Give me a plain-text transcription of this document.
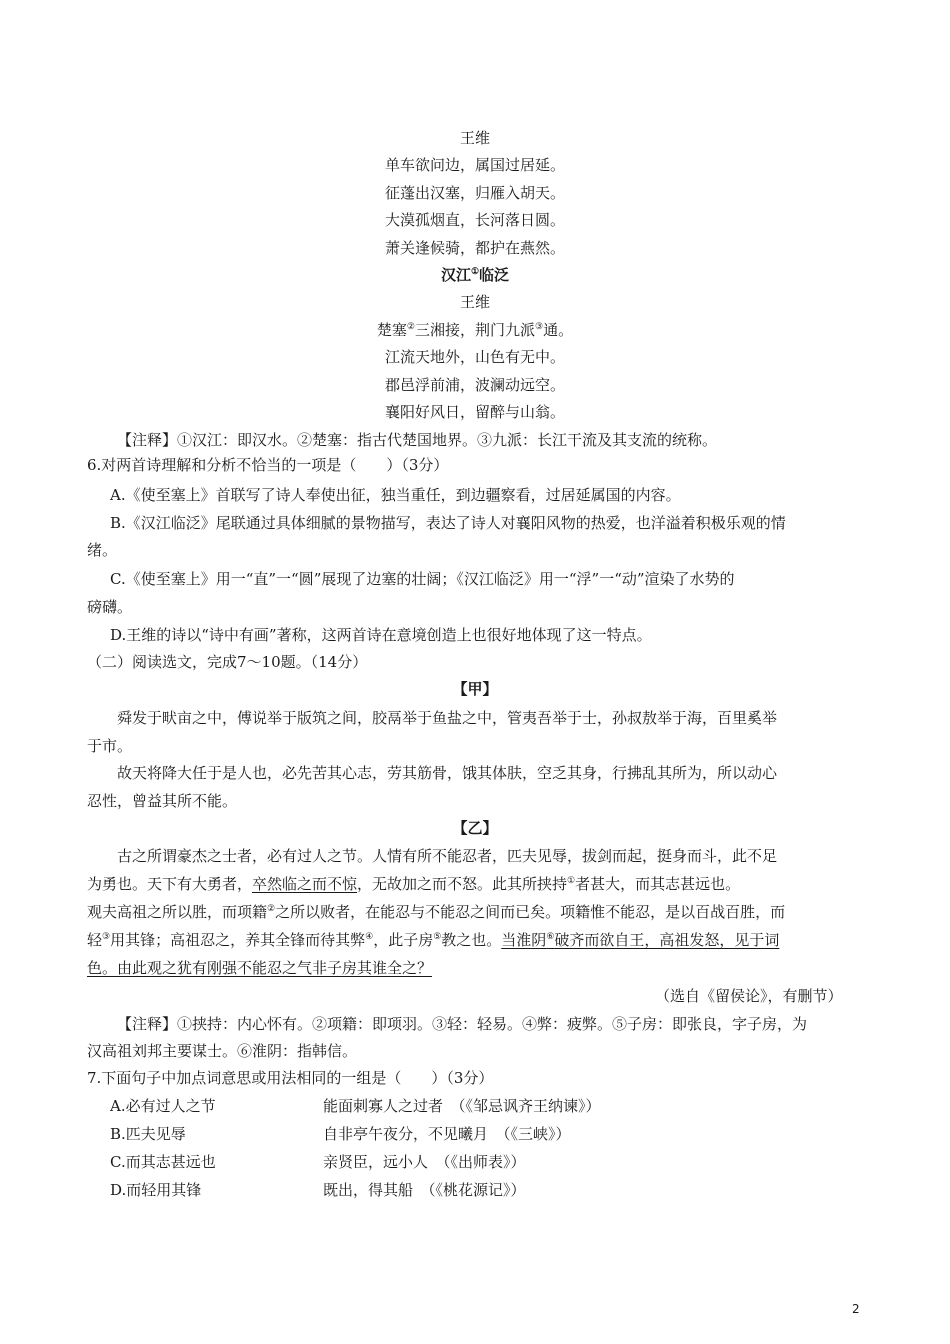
王维
单车欲问边，属国过居延。
征蓬出汉塞，归雁入胡天。
大漠孤烟直，长河落日圆。
萧关逢候骑，都护在燕然。
汉江①临泛
王维
楚塞②三湘接，荆门九派③通。
江流天地外，山色有无中。
郡邑浮前浦，波澜动远空。
襄阳好风日，留醉与山翁。
【注释】①汉江：即汉水。②楚塞：指古代楚国地界。③九派：长江干流及其支流的统称。
6.对两首诗理解和分析不恰当的一项是（　　）（3分）
A.《使至塞上》首联写了诗人奉使出征，独当重任，到边疆察看，过居延属国的内容。
B.《汉江临泛》尾联通过具体细腻的景物描写，表达了诗人对襄阳风物的热爱，也洋溢着积极乐观的情
绪。
C.《使至塞上》用一“直”一“圆”展现了边塞的壮阔；《汉江临泛》用一“浮”一“动”渲染了水势的
磅礴。
D.王维的诗以“诗中有画”著称，这两首诗在意境创造上也很好地体现了这一特点。
（二）阅读选文，完成7～10题。（14分）
【甲】
舜发于畎亩之中，傅说举于版筑之间，胶鬲举于鱼盐之中，管夷吾举于士，孙叔敖举于海，百里奚举
于市。
故天将降大任于是人也，必先苦其心志，劳其筋骨，饿其体肤，空乏其身，行拂乱其所为，所以动心
忍性，曾益其所不能。
【乙】
古之所谓豪杰之士者，必有过人之节。人情有所不能忍者，匹夫见辱，拔剑而起，挺身而斗，此不足
为勇也。天下有大勇者，卒然临之而不惊，无故加之而不怒。此其所挟持①者甚大，而其志甚远也。
观夫高祖之所以胜，而项籍②之所以败者，在能忍与不能忍之间而已矣。项籍惟不能忍，是以百战百胜，而
轻③用其锋；高祖忍之，养其全锋而待其弊④，此子房⑤教之也。当淮阴⑥破齐而欲自王，高祖发怒，见于词
色。由此观之犹有刚强不能忍之气非子房其谁全之？
（选自《留侯论》，有删节）
【注释】①挟持：内心怀有。②项籍：即项羽。③轻：轻易。④弊：疲弊。⑤子房：即张良，字子房，为
汉高祖刘邦主要谋士。⑥淮阴：指韩信。
7.下面句子中加点词意思或用法相同的一组是（　　）（3分）
A.必有过人之节	能面刺寡人之过者　（《邹忌讽齐王纳谏》）
B.匹夫见辱	自非亭午夜分，不见曦月　（《三峡》）
C.而其志甚远也	亲贤臣，远小人　（《出师表》）
D.而轻用其锋	既出，得其船　（《桃花源记》）
2
